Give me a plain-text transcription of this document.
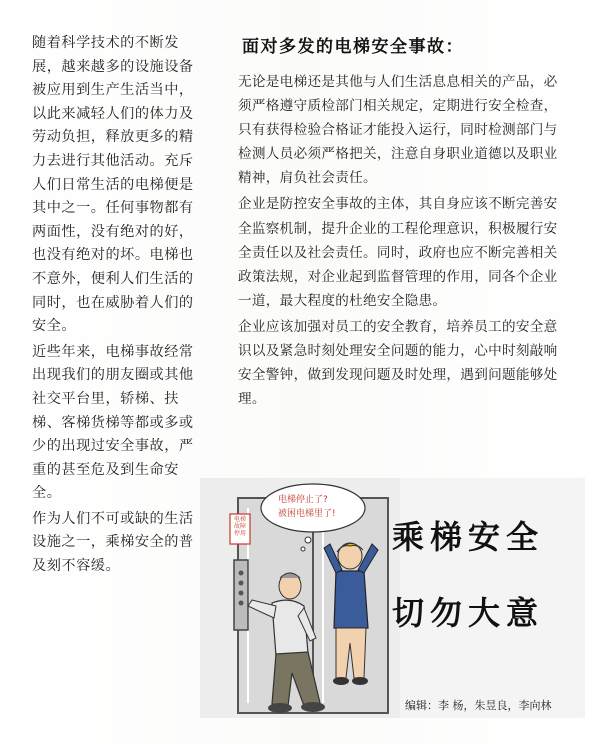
随着科学技术的不断发展，越来越多的设施设备被应用到生产生活当中，以此来减轻人们的体力及劳动负担，释放更多的精力去进行其他活动。充斥人们日常生活的电梯便是其中之一。任何事物都有两面性，没有绝对的好，也没有绝对的坏。电梯也不意外，便利人们生活的同时，也在威胁着人们的安全。

近些年来，电梯事故经常出现我们的朋友圈或其他社交平台里，轿梯、扶梯、客梯货梯等都或多或少的出现过安全事故，严重的甚至危及到生命安全。

作为人们不可或缺的生活设施之一，乘梯安全的普及刻不容缓。

面对多发的电梯安全事故：

无论是电梯还是其他与人们生活息息相关的产品，必须严格遵守质检部门相关规定，定期进行安全检查，只有获得检验合格证才能投入运行，同时检测部门与检测人员必须严格把关，注意自身职业道德以及职业精神，肩负社会责任。

企业是防控安全事故的主体，其自身应该不断完善安全监察机制，提升企业的工程伦理意识，积极履行安全责任以及社会责任。同时，政府也应不断完善相关政策法规，对企业起到监督管理的作用，同各个企业一道，最大程度的杜绝安全隐患。

企业应该加强对员工的安全教育，培养员工的安全意识以及紧急时刻处理安全问题的能力，心中时刻敲响安全警钟，做到发现问题及时处理，遇到问题能够处理。

电梯停止了?
被困电梯里了!
电梯
故障
停用	乘梯安全
切勿大意
编辑：李 杨，朱昱良，李向林
